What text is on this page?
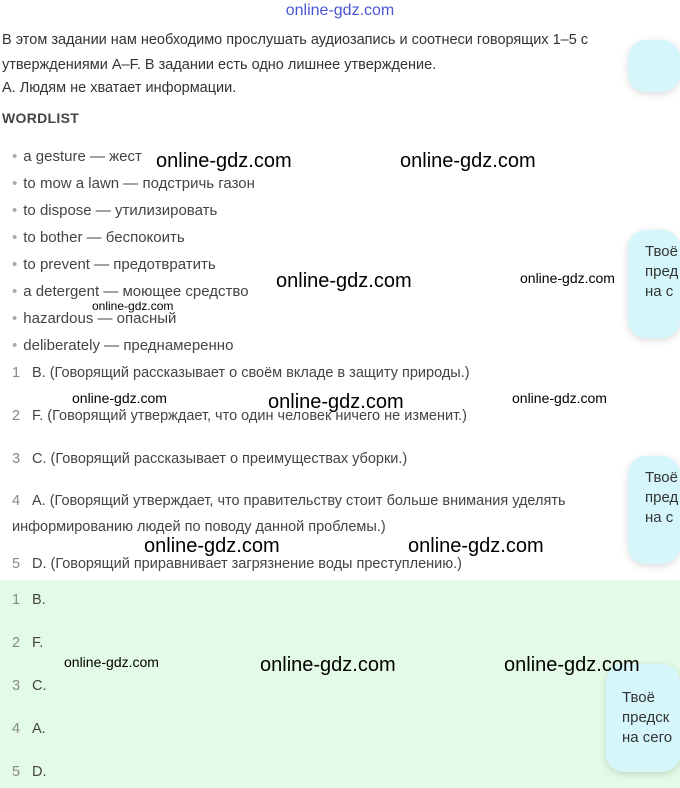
online-gdz.com
В этом задании нам необходимо прослушать аудиозапись и соотнеси говорящих 1–5 с
утверждениями A–F. В задании есть одно лишнее утверждение.
A. Людям не хватает информации.
WORDLIST
• a gesture — жест
• to mow a lawn — подстричь газон
• to dispose — утилизировать
• to bother — беспокоить
• to prevent — предотвратить
• a detergent — моющее средство
• hazardous — опасный
• deliberately — преднамеренно
1 B. (Говорящий рассказывает о своём вкладе в защиту природы.)
2 F. (Говорящий утверждает, что один человек ничего не изменит.)
3 C. (Говорящий рассказывает о преимуществах уборки.)
4 A. (Говорящий утверждает, что правительству стоит больше внимания уделять
информированию людей по поводу данной проблемы.)
5 D. (Говорящий приравнивает загрязнение воды преступлению.)
1 B.
2 F.
3 C.
4 A.
5 D.
Твоё
пред
на с
Твоё
пред
на с
Твоё
предск
на сего
online-gdz.com	online-gdz.com
online-gdz.com	online-gdz.com
online-gdz.com
online-gdz.com	online-gdz.com	online-gdz.com
online-gdz.com	online-gdz.com
online-gdz.com	online-gdz.com	online-gdz.com
